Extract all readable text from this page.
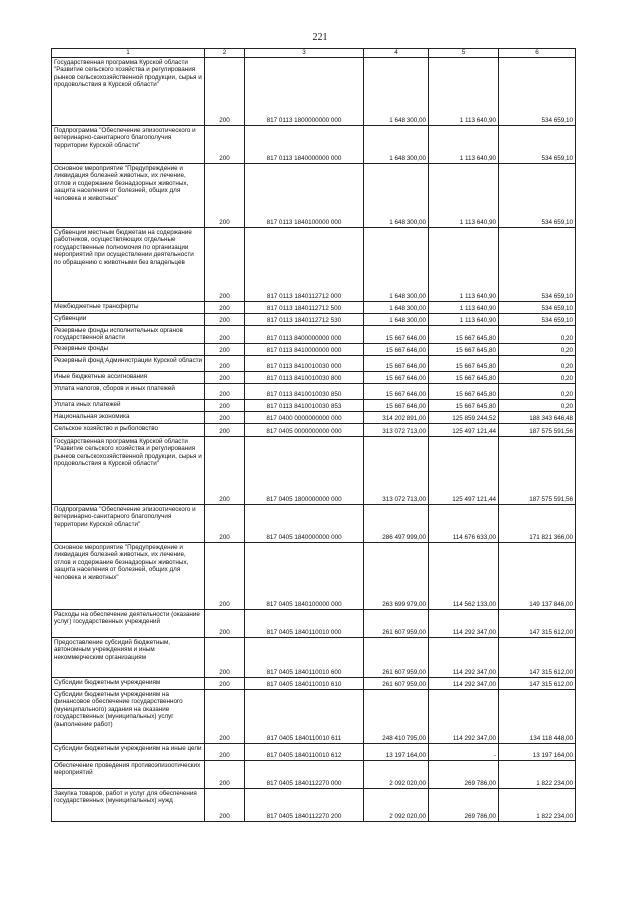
221
1	2	3	4	5	6
Государственная программа Курской области "Развитие сельского хозяйства и регулирования рынков сельскохозяйственной продукции, сырья и продовольствия в Курской области"	200	817 0113 1800000000 000	1 648 300,00	1 113 640,90	534 659,10
Подпрограмма "Обеспечение эпизоотического и ветеринарно-санитарного благополучия территории Курской области"	200	817 0113 1840000000 000	1 648 300,00	1 113 640,90	534 659,10
Основное мероприятие "Предупреждение и ликвидация болезней животных, их лечение, отлов и содержание безнадзорных животных, защита населения от болезней, общих для человека и животных"	200	817 0113 1840100000 000	1 648 300,00	1 113 640,90	534 659,10
Субвенции местным бюджетам на содержание работников, осуществляющих отдельные государственные полномочия по организации мероприятий при осуществлении деятельности по обращению с животными без владельцев	200	817 0113 1840112712 000	1 648 300,00	1 113 640,90	534 659,10
Межбюджетные трансферты	200	817 0113 1840112712 500	1 648 300,00	1 113 640,90	534 659,10
Субвенции	200	817 0113 1840112712 530	1 648 300,00	1 113 640,90	534 659,10
Резервные фонды исполнительных органов государственной власти	200	817 0113 8400000000 000	15 667 646,00	15 667 645,80	0,20
Резервные фонды	200	817 0113 8410000000 000	15 667 646,00	15 667 645,80	0,20
Резервный фонд Администрации Курской области	200	817 0113 8410010030 000	15 667 646,00	15 667 645,80	0,20
Иные бюджетные ассигнования	200	817 0113 8410010030 800	15 667 646,00	15 667 645,80	0,20
Уплата налогов, сборов и иных платежей	200	817 0113 8410010030 850	15 667 646,00	15 667 645,80	0,20
Уплата иных платежей	200	817 0113 8410010030 853	15 667 646,00	15 667 645,80	0,20
Национальная экономика	200	817 0400 0000000000 000	314 202 891,00	125 859 244,52	188 343 646,48
Сельское хозяйство и рыболовство	200	817 0405 0000000000 000	313 072 713,00	125 497 121,44	187 575 591,56
Государственная программа Курской области "Развитие сельского хозяйства и регулирования рынков сельскохозяйственной продукции, сырья и продовольствия в Курской области"	200	817 0405 1800000000 000	313 072 713,00	125 497 121,44	187 575 591,56
Подпрограмма "Обеспечение эпизоотического и ветеринарно-санитарного благополучия территории Курской области"	200	817 0405 1840000000 000	286 497 999,00	114 676 633,00	171 821 366,00
Основное мероприятие "Предупреждение и ликвидация болезней животных, их лечение, отлов и содержание безнадзорных животных, защита населения от болезней, общих для человека и животных"	200	817 0405 1840100000 000	263 699 979,00	114 562 133,00	149 137 846,00
Расходы на обеспечение деятельности (оказание услуг) государственных учреждений	200	817 0405 1840110010 000	261 607 959,00	114 292 347,00	147 315 612,00
Предоставление субсидий бюджетным, автономным учреждениям и иным некоммерческим организациям	200	817 0405 1840110010 600	261 607 959,00	114 292 347,00	147 315 612,00
Субсидии бюджетным учреждениям	200	817 0405 1840110010 610	261 607 959,00	114 292 347,00	147 315 612,00
Субсидии бюджетным учреждениям на финансовое обеспечение государственного (муниципального) задания на оказание государственных (муниципальных) услуг (выполнение работ)	200	817 0405 1840110010 611	248 410 795,00	114 292 347,00	134 118 448,00
Субсидии бюджетным учреждениям на иные цели	200	817 0405 1840110010 612	13 197 164,00	-	13 197 164,00
Обеспечение проведения противоэпизоотических мероприятий	200	817 0405 1840112270 000	2 092 020,00	269 786,00	1 822 234,00
Закупка товаров, работ и услуг для обеспечения государственных (муниципальных) нужд	200	817 0405 1840112270 200	2 092 020,00	269 786,00	1 822 234,00
